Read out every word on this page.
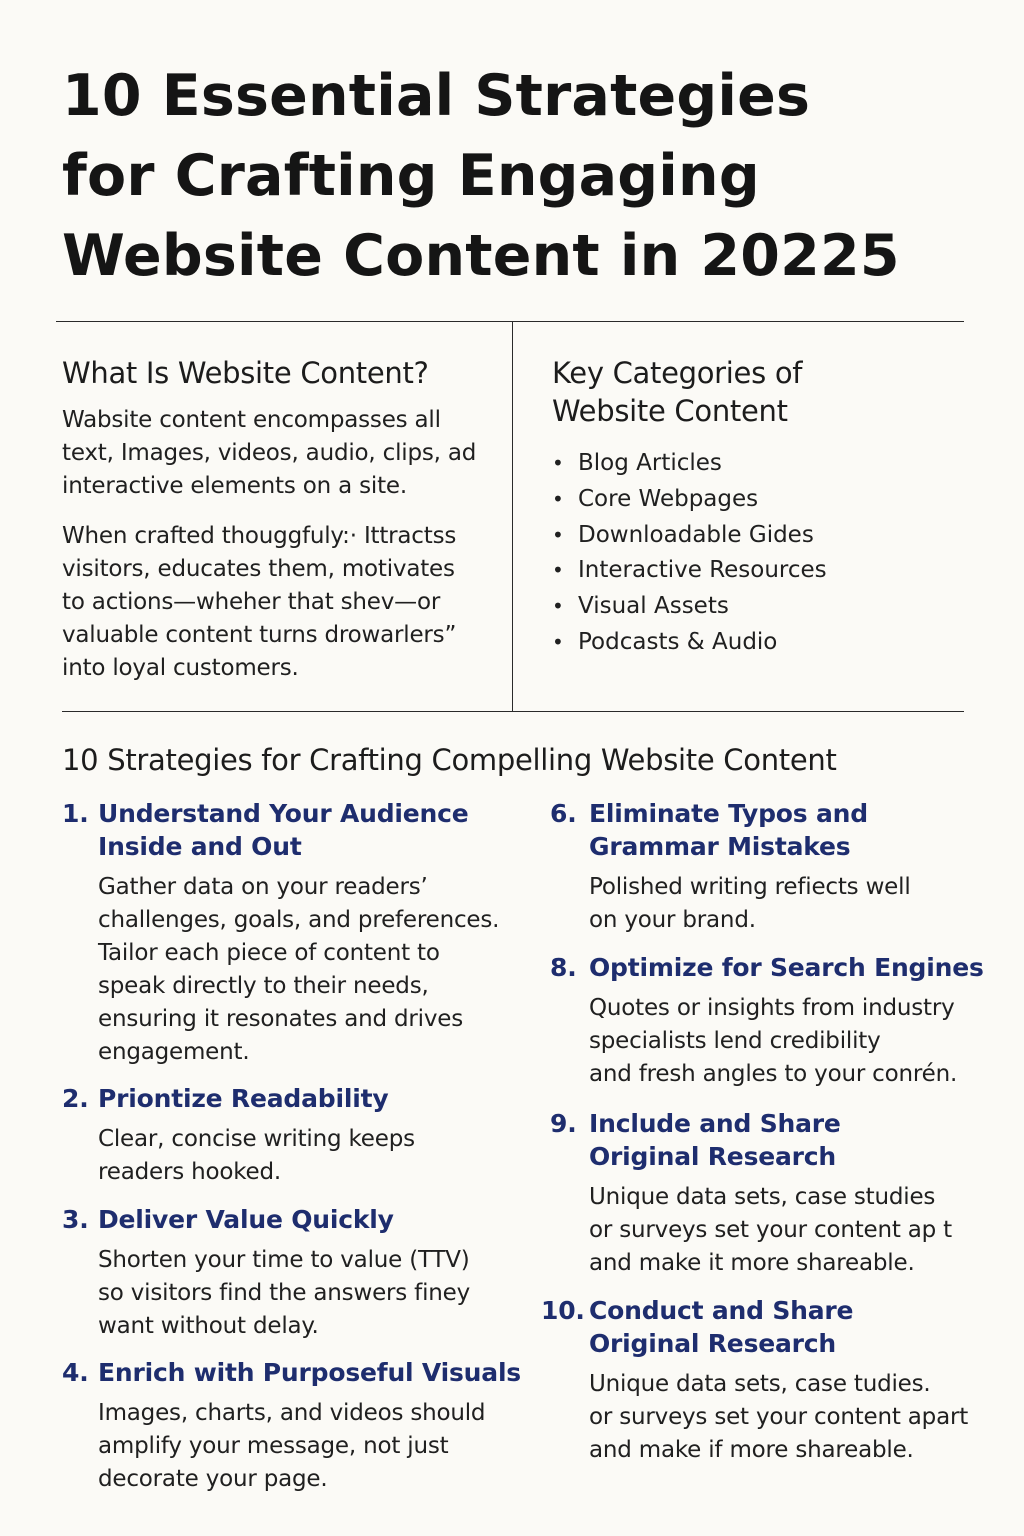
10 Essential Strategies
for Crafting Engaging
Website Content in 20225
What Is Website Content?

Wabsite content encompasses all
text, Images, videos, audio, clips, ad
interactive elements on a site.

When crafted thouggfuly:· Ittractss
visitors, educates them, motivates
to actions—wheher that shev—or
valuable content turns drowarlers”
into loyal customers.

Key Categories of
Website Content
• Blog Articles
• Core Webpages
• Downloadable Gides
• Interactive Resources
• Visual Assets
• Podcasts & Audio
10 Strategies for Crafting Compelling Website Content
1. Understand Your Audience
Inside and Out

Gather data on your readers’
challenges, goals, and preferences.
Tailor each piece of content to
speak directly to their needs,
ensuring it resonates and drives
engagement.

2. Priontize Readability

Clear, concise writing keeps
readers hooked.

3. Deliver Value Quickly

Shorten your time to value (TTV)
so visitors find the answers finey
want without delay.

4. Enrich with Purposeful Visuals

Images, charts, and videos should
amplify your message, not just
decorate your page.

6. Eliminate Typos and
Grammar Mistakes

Polished writing refiects well
on your brand.

8. Optimize for Search Engines

Quotes or insights from industry
specialists lend credibility
and fresh angles to your conrén.

9. Include and Share
Original Research

Unique data sets, case studies
or surveys set your content ap t
and make it more shareable.

10. Conduct and Share
Original Research

Unique data sets, case tudies.
or surveys set your content apart
and make if more shareable.
